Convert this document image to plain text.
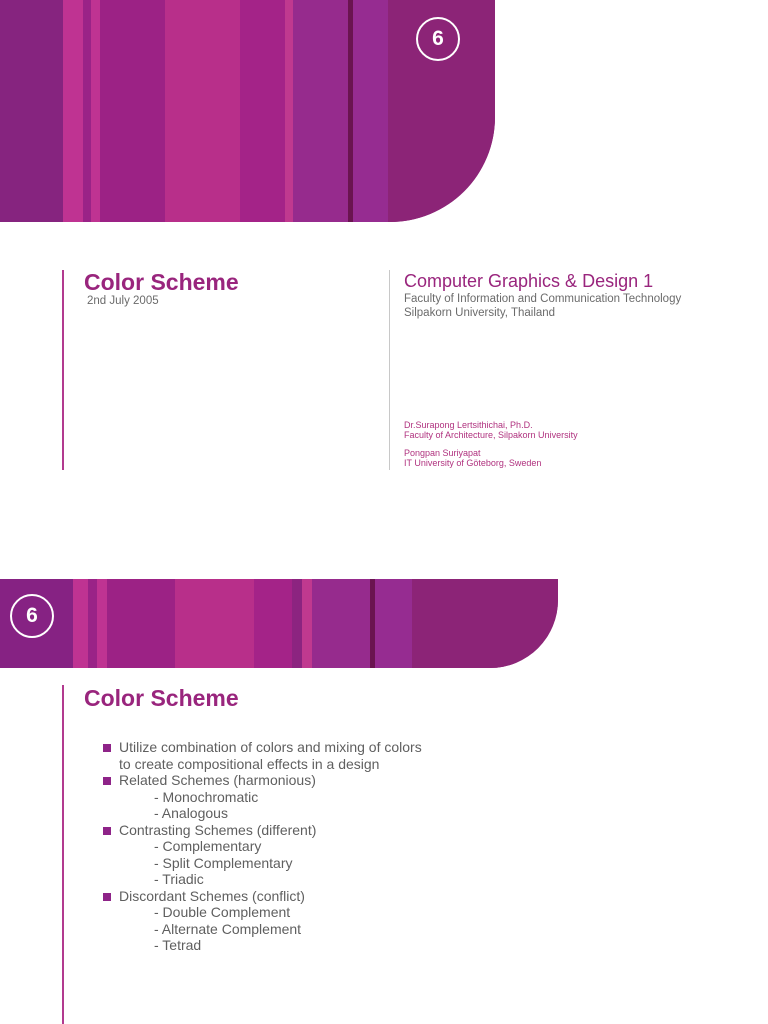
6
Color Scheme
2nd July 2005
Computer Graphics & Design 1
Faculty of Information and Communication Technology
Silpakorn University, Thailand
Dr.Surapong Lertsithichai, Ph.D.
Faculty of Architecture, Silpakorn University
Pongpan Suriyapat
IT University of Göteborg, Sweden
6
Color Scheme
Utilize combination of colors and mixing of colors
to create compositional effects in a design
Related Schemes (harmonious)
- Monochromatic
- Analogous
Contrasting Schemes (different)
- Complementary
- Split Complementary
- Triadic
Discordant Schemes (conflict)
- Double Complement
- Alternate Complement
- Tetrad
